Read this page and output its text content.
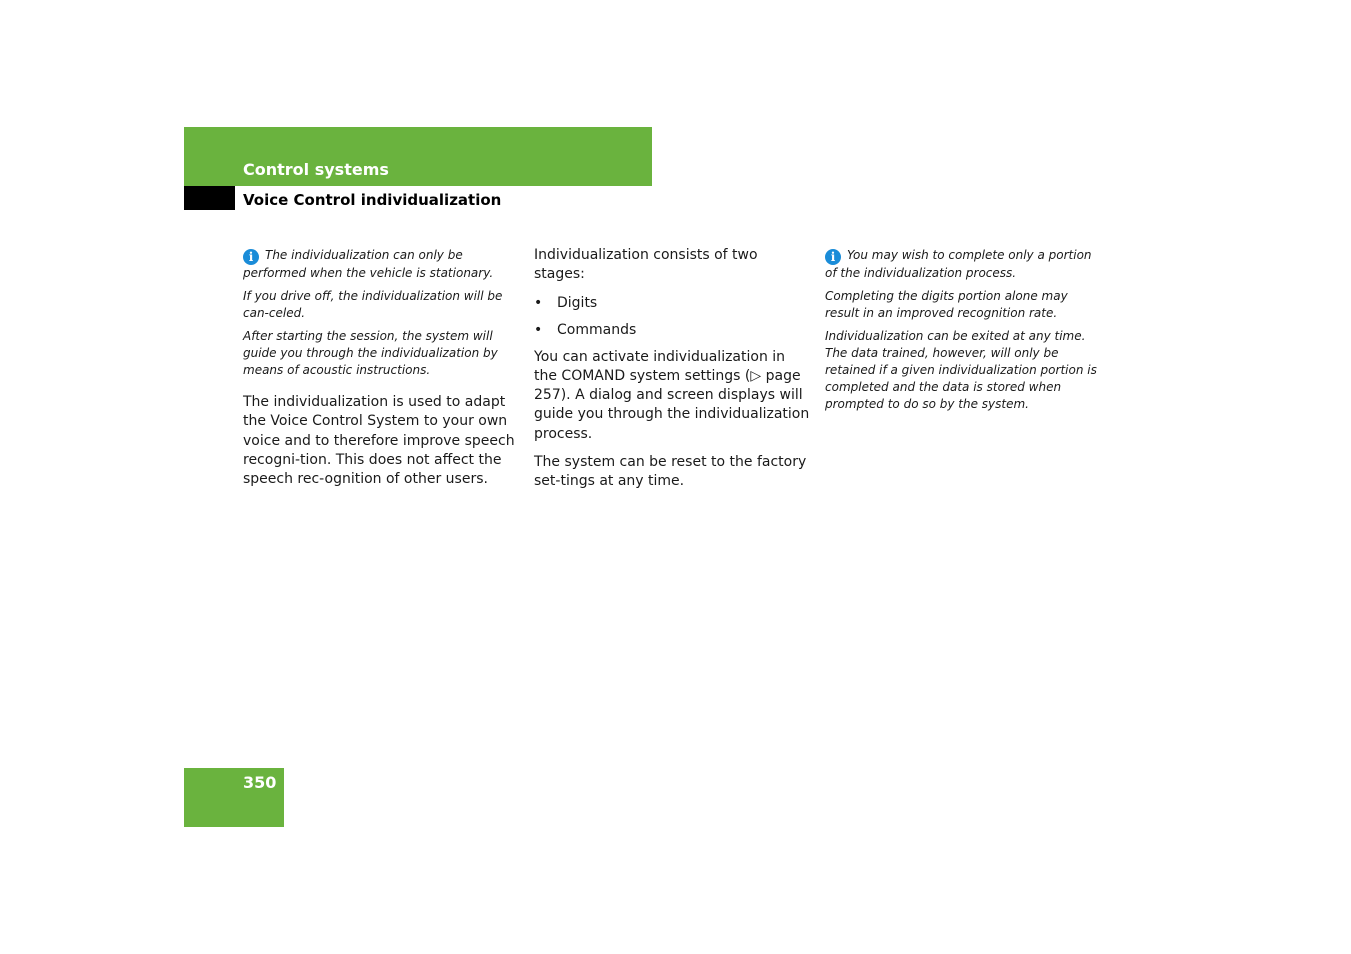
Control systems
Voice Control individualization

i The individualization can only be performed when the vehicle is stationary.

If you drive off, the individualization will be can-celed.

After starting the session, the system will guide you through the individualization by means of acoustic instructions.

The individualization is used to adapt the Voice Control System to your own voice and to therefore improve speech recogni-tion. This does not affect the speech rec-ognition of other users.

Individualization consists of two stages:

• Digits
• Commands

You can activate individualization in the COMAND system settings (▷ page 257). A dialog and screen displays will guide you through the individualization process.

The system can be reset to the factory set-tings at any time.

i You may wish to complete only a portion of the individualization process.

Completing the digits portion alone may result in an improved recognition rate.

Individualization can be exited at any time. The data trained, however, will only be retained if a given individualization portion is completed and the data is stored when prompted to do so by the system.

350
